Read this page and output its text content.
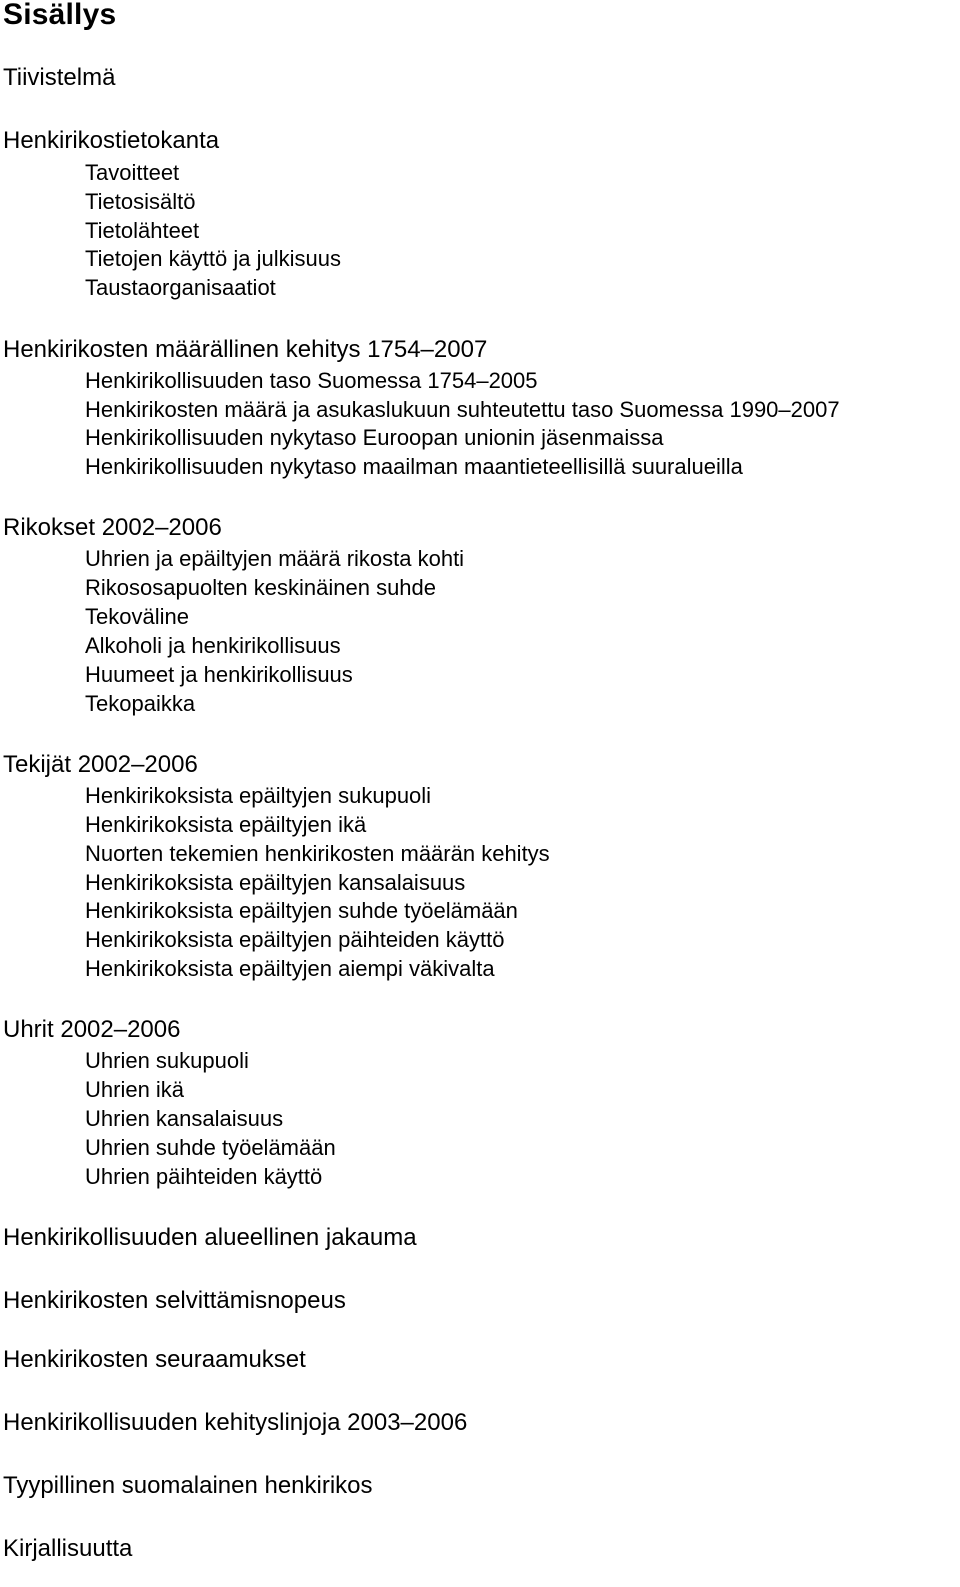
Sisällys
Tiivistelmä
Henkirikostietokanta
Tavoitteet
Tietosisältö
Tietolähteet
Tietojen käyttö ja julkisuus
Taustaorganisaatiot
Henkirikosten määrällinen kehitys 1754–2007
Henkirikollisuuden taso Suomessa 1754–2005
Henkirikosten määrä ja asukaslukuun suhteutettu taso Suomessa 1990–2007
Henkirikollisuuden nykytaso Euroopan unionin jäsenmaissa
Henkirikollisuuden nykytaso maailman maantieteellisillä suuralueilla
Rikokset 2002–2006
Uhrien ja epäiltyjen määrä rikosta kohti
Rikososapuolten keskinäinen suhde
Tekoväline
Alkoholi ja henkirikollisuus
Huumeet ja henkirikollisuus
Tekopaikka
Tekijät 2002–2006
Henkirikoksista epäiltyjen sukupuoli
Henkirikoksista epäiltyjen ikä
Nuorten tekemien henkirikosten määrän kehitys
Henkirikoksista epäiltyjen kansalaisuus
Henkirikoksista epäiltyjen suhde työelämään
Henkirikoksista epäiltyjen päihteiden käyttö
Henkirikoksista epäiltyjen aiempi väkivalta
Uhrit 2002–2006
Uhrien sukupuoli
Uhrien ikä
Uhrien kansalaisuus
Uhrien suhde työelämään
Uhrien päihteiden käyttö
Henkirikollisuuden alueellinen jakauma
Henkirikosten selvittämisnopeus
Henkirikosten seuraamukset
Henkirikollisuuden kehityslinjoja 2003–2006
Tyypillinen suomalainen henkirikos
Kirjallisuutta
